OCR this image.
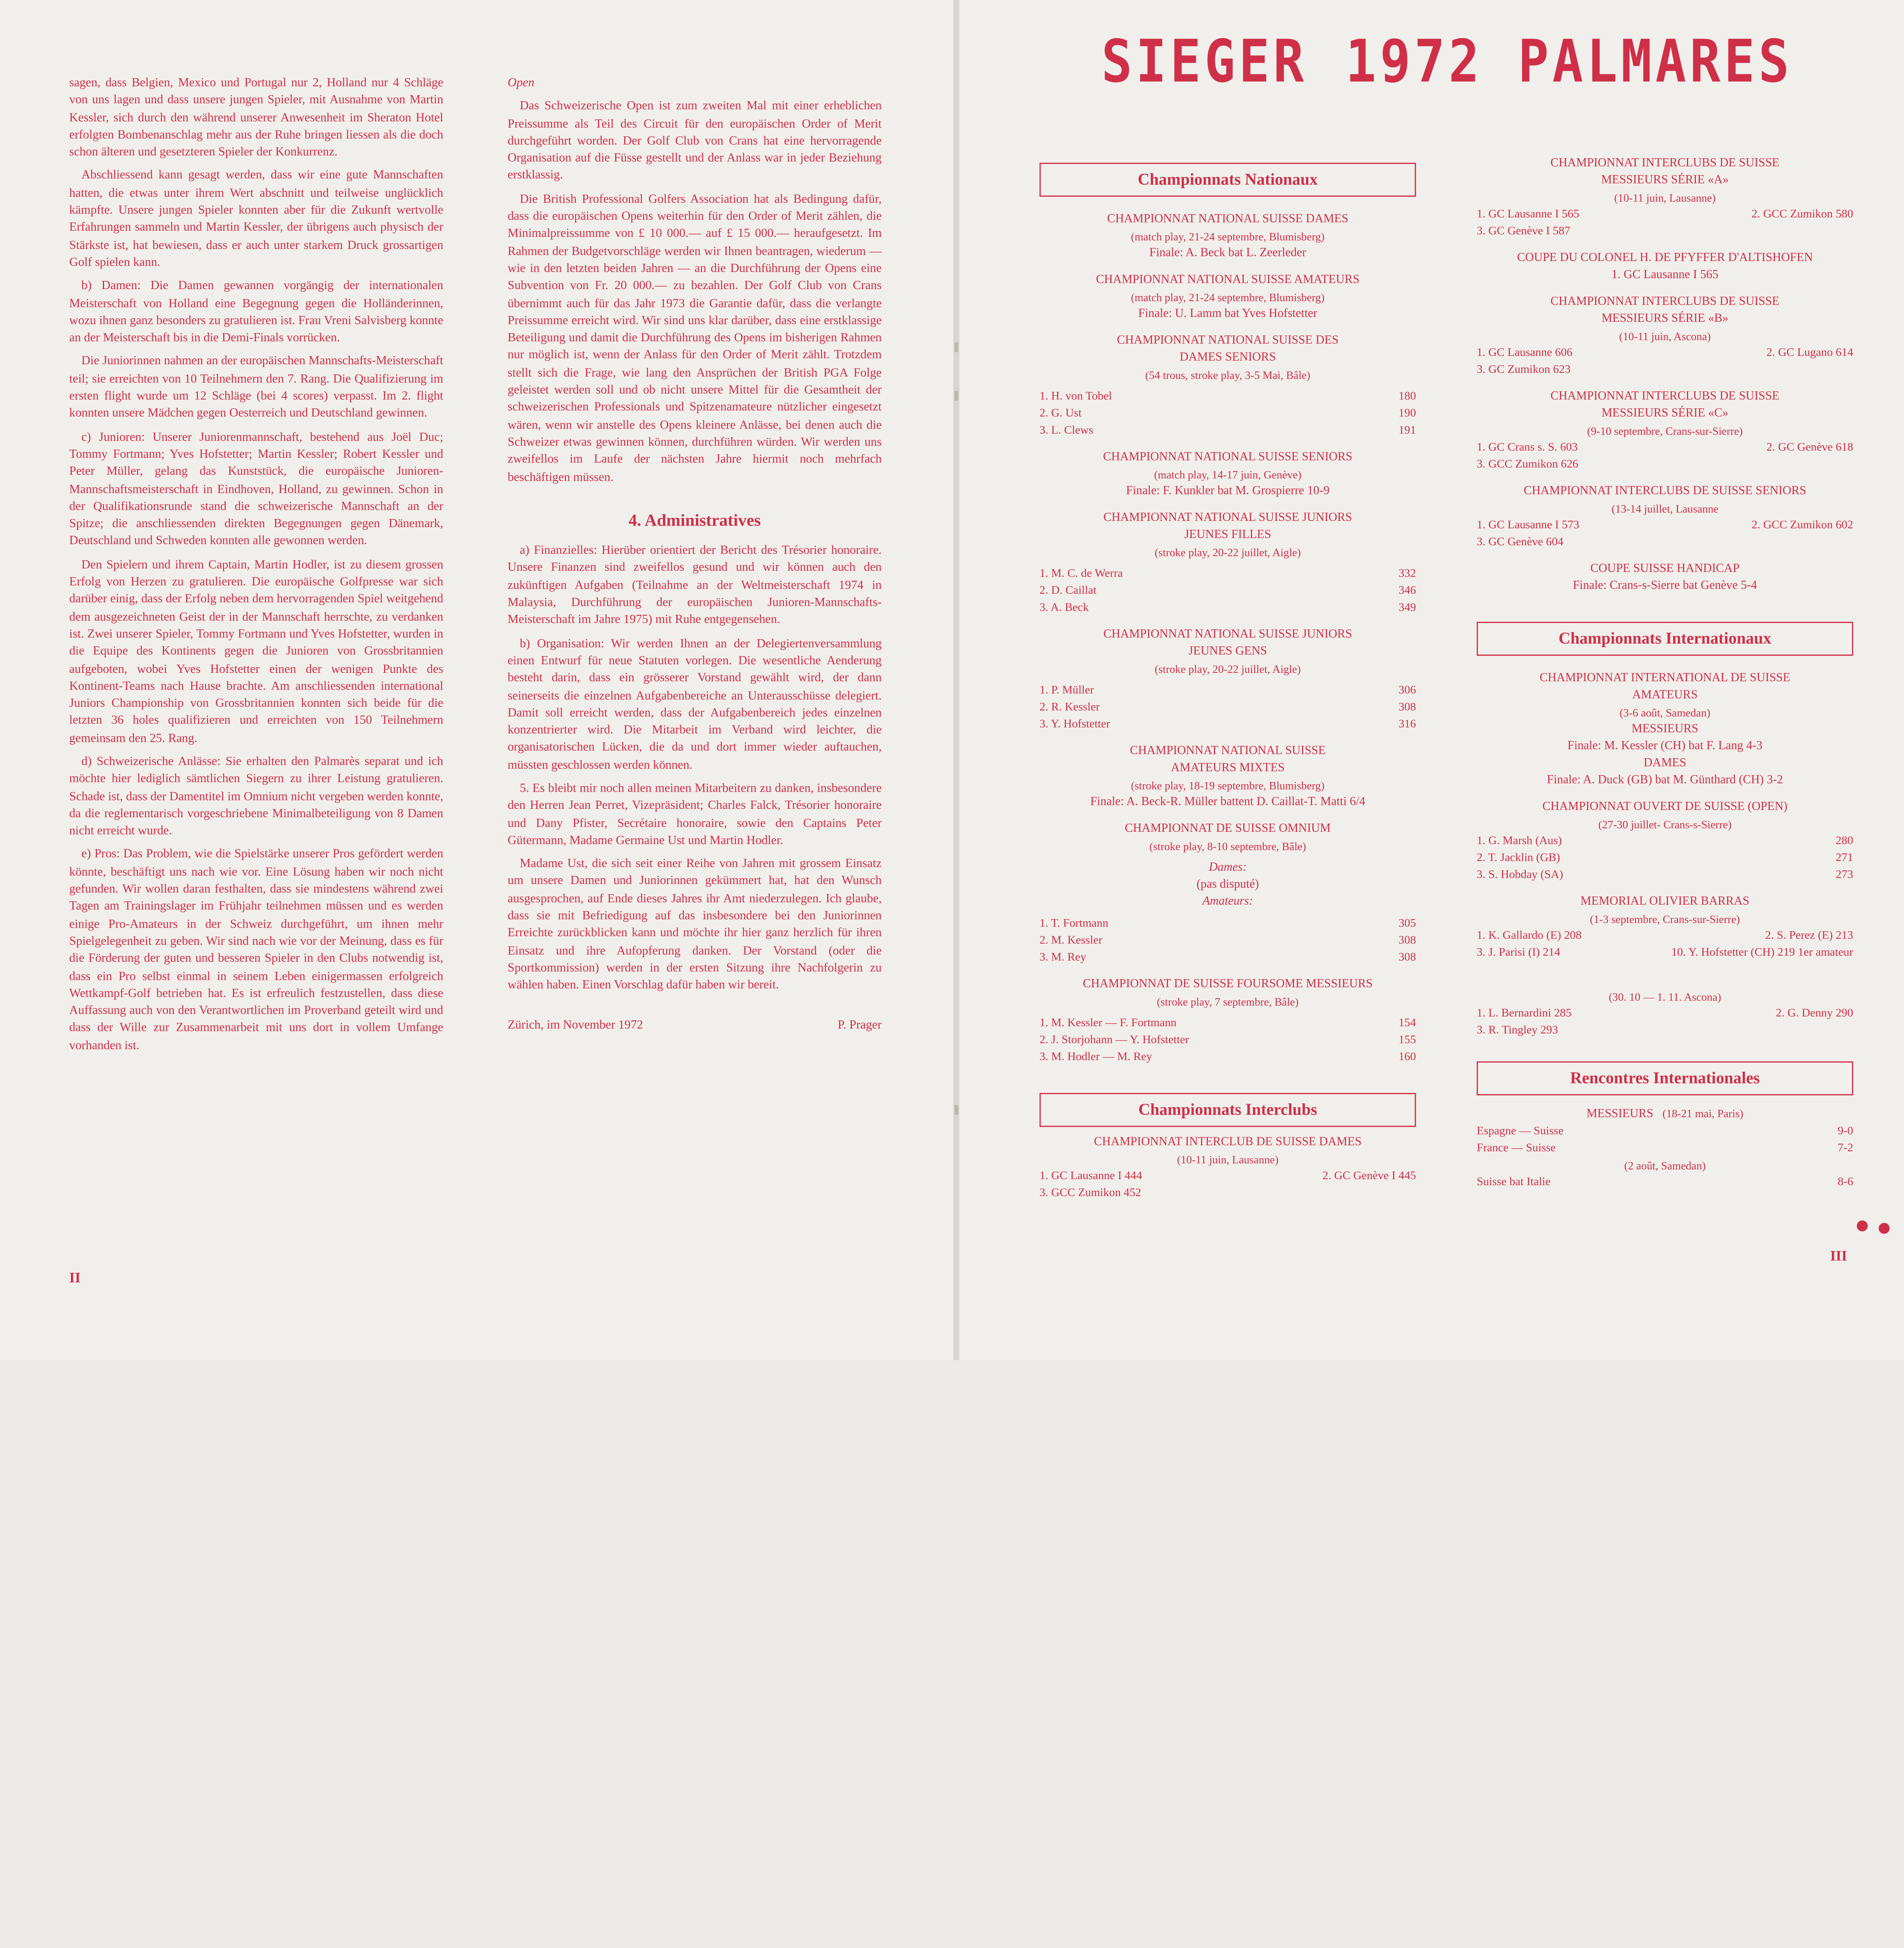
sagen, dass Belgien, Mexico und Portugal nur 2, Holland nur 4 Schläge von uns lagen und dass unsere jungen Spieler, mit Ausnahme von Martin Kessler, sich durch den während unserer Anwesenheit im Sheraton Hotel erfolgten Bombenanschlag mehr aus der Ruhe bringen liessen als die doch schon älteren und gesetzteren Spieler der Konkurrenz.

Abschliessend kann gesagt werden, dass wir eine gute Mannschaften hatten, die etwas unter ihrem Wert abschnitt und teilweise unglücklich kämpfte. Unsere jungen Spieler konnten aber für die Zukunft wertvolle Erfahrungen sammeln und Martin Kessler, der übrigens auch physisch der Stärkste ist, hat bewiesen, dass er auch unter starkem Druck grossartigen Golf spielen kann.

b) Damen: Die Damen gewannen vorgängig der internationalen Meisterschaft von Holland eine Begegnung gegen die Holländerinnen, wozu ihnen ganz besonders zu gratulieren ist. Frau Vreni Salvisberg konnte an der Meisterschaft bis in die Demi-Finals vorrücken.

Die Juniorinnen nahmen an der europäischen Mannschafts-Meisterschaft teil; sie erreichten von 10 Teilnehmern den 7. Rang. Die Qualifizierung im ersten flight wurde um 12 Schläge (bei 4 scores) verpasst. Im 2. flight konnten unsere Mädchen gegen Oesterreich und Deutschland gewinnen.

c) Junioren: Unserer Juniorenmannschaft, bestehend aus Joël Duc; Tommy Fortmann; Yves Hofstetter; Martin Kessler; Robert Kessler und Peter Müller, gelang das Kunststück, die europäische Junioren-Mannschaftsmeisterschaft in Eindhoven, Holland, zu gewinnen. Schon in der Qualifikationsrunde stand die schweizerische Mannschaft an der Spitze; die anschliessenden direkten Begegnungen gegen Dänemark, Deutschland und Schweden konnten alle gewonnen werden.

Den Spielern und ihrem Captain, Martin Hodler, ist zu diesem grossen Erfolg von Herzen zu gratulieren. Die europäische Golfpresse war sich darüber einig, dass der Erfolg neben dem hervorragenden Spiel weitgehend dem ausgezeichneten Geist der in der Mannschaft herrschte, zu verdanken ist. Zwei unserer Spieler, Tommy Fortmann und Yves Hofstetter, wurden in die Equipe des Kontinents gegen die Junioren von Grossbritannien aufgeboten, wobei Yves Hofstetter einen der wenigen Punkte des Kontinent-Teams nach Hause brachte. Am anschliessenden international Juniors Championship von Grossbritannien konnten sich beide für die letzten 36 holes qualifizieren und erreichten von 150 Teilnehmern gemeinsam den 25. Rang.

d) Schweizerische Anlässe: Sie erhalten den Palmarès separat und ich möchte hier lediglich sämtlichen Siegern zu ihrer Leistung gratulieren. Schade ist, dass der Damentitel im Omnium nicht vergeben werden konnte, da die reglementarisch vorgeschriebene Minimalbeteiligung von 8 Damen nicht erreicht wurde.

e) Pros: Das Problem, wie die Spielstärke unserer Pros gefördert werden könnte, beschäftigt uns nach wie vor. Eine Lösung haben wir noch nicht gefunden. Wir wollen daran festhalten, dass sie mindestens während zwei Tagen am Trainingslager im Frühjahr teilnehmen müssen und es werden einige Pro-Amateurs in der Schweiz durchgeführt, um ihnen mehr Spielgelegenheit zu geben. Wir sind nach wie vor der Meinung, dass es für die Förderung der guten und besseren Spieler in den Clubs notwendig ist, dass ein Pro selbst einmal in seinem Leben einigermassen erfolgreich Wettkampf-Golf betrieben hat. Es ist erfreulich festzustellen, dass diese Auffassung auch von den Verantwortlichen im Proverband geteilt wird und dass der Wille zur Zusammenarbeit mit uns dort in vollem Umfange vorhanden ist.

Open

Das Schweizerische Open ist zum zweiten Mal mit einer erheblichen Preissumme als Teil des Circuit für den europäischen Order of Merit durchgeführt worden. Der Golf Club von Crans hat eine hervorragende Organisation auf die Füsse gestellt und der Anlass war in jeder Beziehung erstklassig.

Die British Professional Golfers Association hat als Bedingung dafür, dass die europäischen Opens weiterhin für den Order of Merit zählen, die Minimalpreissumme von £ 10 000.— auf £ 15 000.— heraufgesetzt. Im Rahmen der Budgetvorschläge werden wir Ihnen beantragen, wiederum — wie in den letzten beiden Jahren — an die Durchführung der Opens eine Subvention von Fr. 20 000.— zu bezahlen. Der Golf Club von Crans übernimmt auch für das Jahr 1973 die Garantie dafür, dass die verlangte Preissumme erreicht wird. Wir sind uns klar darüber, dass eine erstklassige Beteiligung und damit die Durchführung des Opens im bisherigen Rahmen nur möglich ist, wenn der Anlass für den Order of Merit zählt. Trotzdem stellt sich die Frage, wie lang den Ansprüchen der British PGA Folge geleistet werden soll und ob nicht unsere Mittel für die Gesamtheit der schweizerischen Professionals und Spitzenamateure nützlicher eingesetzt wären, wenn wir anstelle des Opens kleinere Anlässe, bei denen auch die Schweizer etwas gewinnen können, durchführen würden. Wir werden uns zweifellos im Laufe der nächsten Jahre hiermit noch mehrfach beschäftigen müssen.

4. Administratives

a) Finanzielles: Hierüber orientiert der Bericht des Trésorier honoraire. Unsere Finanzen sind zweifellos gesund und wir können auch den zukünftigen Aufgaben (Teilnahme an der Weltmeisterschaft 1974 in Malaysia, Durchführung der europäischen Junioren-Mannschafts-Meisterschaft im Jahre 1975) mit Ruhe entgegensehen.

b) Organisation: Wir werden Ihnen an der Delegiertenversammlung einen Entwurf für neue Statuten vorlegen. Die wesentliche Aenderung besteht darin, dass ein grösserer Vorstand gewählt wird, der dann seinerseits die einzelnen Aufgabenbereiche an Unterausschüsse delegiert. Damit soll erreicht werden, dass der Aufgabenbereich jedes einzelnen konzentrierter wird. Die Mitarbeit im Verband wird leichter, die organisatorischen Lücken, die da und dort immer wieder auftauchen, müssten geschlossen werden können.

5. Es bleibt mir noch allen meinen Mitarbeitern zu danken, insbesondere den Herren Jean Perret, Vizepräsident; Charles Falck, Trésorier honoraire und Dany Pfister, Secrétaire honoraire, sowie den Captains Peter Gütermann, Madame Germaine Ust und Martin Hodler.

Madame Ust, die sich seit einer Reihe von Jahren mit grossem Einsatz um unsere Damen und Juniorinnen gekümmert hat, hat den Wunsch ausgesprochen, auf Ende dieses Jahres ihr Amt niederzulegen. Ich glaube, dass sie mit Befriedigung auf das insbesondere bei den Juniorinnen Erreichte zurückblicken kann und möchte ihr hier ganz herzlich für ihren Einsatz und ihre Aufopferung danken. Der Vorstand (oder die Sportkommission) werden in der ersten Sitzung ihre Nachfolgerin zu wählen haben. Einen Vorschlag dafür haben wir bereit.

Zürich, im November 1972	P. Prager
II
SIEGER 1972 PALMARES
Championnats Nationaux
CHAMPIONNAT NATIONAL SUISSE DAMES
(match play, 21-24 septembre, Blumisberg)
Finale: A. Beck bat L. Zeerleder
CHAMPIONNAT NATIONAL SUISSE AMATEURS
(match play, 21-24 septembre, Blumisberg)
Finale: U. Lamm bat Yves Hofstetter
CHAMPIONNAT NATIONAL SUISSE DES
DAMES SENIORS
(54 trous, stroke play, 3-5 Mai, Bâle)
1. H. von Tobel	180
2. G. Ust	190
3. L. Clews	191
CHAMPIONNAT NATIONAL SUISSE SENIORS
(match play, 14-17 juin, Genève)
Finale: F. Kunkler bat M. Grospierre 10-9
CHAMPIONNAT NATIONAL SUISSE JUNIORS
JEUNES FILLES
(stroke play, 20-22 juillet, Aigle)
1. M. C. de Werra	332
2. D. Caillat	346
3. A. Beck	349
CHAMPIONNAT NATIONAL SUISSE JUNIORS
JEUNES GENS
(stroke play, 20-22 juillet, Aigle)
1. P. Müller	306
2. R. Kessler	308
3. Y. Hofstetter	316
CHAMPIONNAT NATIONAL SUISSE
AMATEURS MIXTES
(stroke play, 18-19 septembre, Blumisberg)
Finale: A. Beck-R. Müller battent D. Caillat-T. Matti 6/4
CHAMPIONNAT DE SUISSE OMNIUM
(stroke play, 8-10 septembre, Bâle)
Dames:
(pas disputé)
Amateurs:
1. T. Fortmann	305
2. M. Kessler	308
3. M. Rey	308
CHAMPIONNAT DE SUISSE FOURSOME MESSIEURS
(stroke play, 7 septembre, Bâle)
1. M. Kessler — F. Fortmann	154
2. J. Storjohann — Y. Hofstetter	155
3. M. Hodler — M. Rey	160
Championnats Interclubs
CHAMPIONNAT INTERCLUB DE SUISSE DAMES
(10-11 juin, Lausanne)
1. GC Lausanne I 444	2. GC Genève I 445
3. GCC Zumikon 452
CHAMPIONNAT INTERCLUBS DE SUISSE
MESSIEURS SÉRIE «A»
(10-11 juin, Lausanne)
1. GC Lausanne I 565	2. GCC Zumikon 580
3. GC Genève I 587
COUPE DU COLONEL H. DE PFYFFER D'ALTISHOFEN
1. GC Lausanne I 565
CHAMPIONNAT INTERCLUBS DE SUISSE
MESSIEURS SÉRIE «B»
(10-11 juin, Ascona)
1. GC Lausanne 606	2. GC Lugano 614
3. GC Zumikon 623
CHAMPIONNAT INTERCLUBS DE SUISSE
MESSIEURS SÉRIE «C»
(9-10 septembre, Crans-sur-Sierre)
1. GC Crans s. S. 603	2. GC Genève 618
3. GCC Zumikon 626
CHAMPIONNAT INTERCLUBS DE SUISSE SENIORS
(13-14 juillet, Lausanne
1. GC Lausanne I 573	2. GCC Zumikon 602
3. GC Genève 604
COUPE SUISSE HANDICAP
Finale: Crans-s-Sierre bat Genève 5-4
Championnats Internationaux
CHAMPIONNAT INTERNATIONAL DE SUISSE
AMATEURS
(3-6 août, Samedan)
MESSIEURS
Finale: M. Kessler (CH) bat F. Lang 4-3
DAMES
Finale: A. Duck (GB) bat M. Günthard (CH) 3-2
CHAMPIONNAT OUVERT DE SUISSE (OPEN)
(27-30 juillet- Crans-s-Sierre)
1. G. Marsh (Aus)	280
2. T. Jacklin (GB)	271
3. S. Hobday (SA)	273
MEMORIAL OLIVIER BARRAS
(1-3 septembre, Crans-sur-Sierre)
1. K. Gallardo (E) 208	2. S. Perez (E) 213
3. J. Parisi (I) 214	10. Y. Hofstetter (CH) 219 1er amateur
(30. 10 — 1. 11. Ascona)
1. L. Bernardini 285	2. G. Denny 290
3. R. Tingley 293
Rencontres Internationales
MESSIEURS	(18-21 mai, Paris)
Espagne — Suisse	9-0
France — Suisse	7-2
(2 août, Samedan)
Suisse bat Italie	8-6
III
